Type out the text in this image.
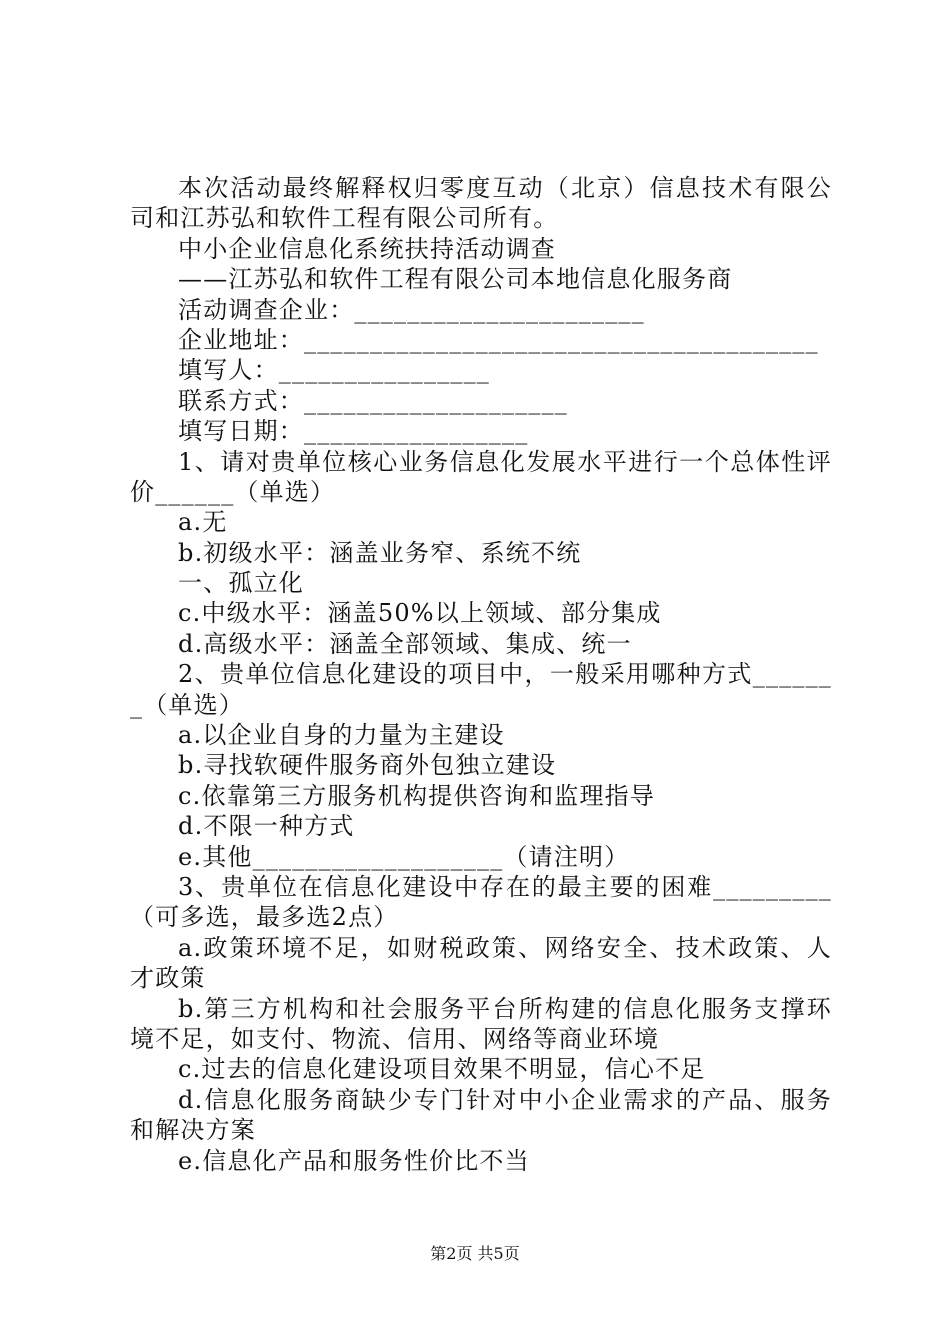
本次活动最终解释权归零度互动（北京）信息技术有限公
司和江苏弘和软件工程有限公司所有。
中小企业信息化系统扶持活动调查
——江苏弘和软件工程有限公司本地信息化服务商
活动调查企业：______________________
企业地址：_______________________________________
填写人：________________
联系方式：____________________
填写日期：_________________
1、请对贵单位核心业务信息化发展水平进行一个总体性评
价______（单选）
a.无
b.初级水平：涵盖业务窄、系统不统
一、孤立化
c.中级水平：涵盖50%以上领域、部分集成
d.高级水平：涵盖全部领域、集成、统一
2、贵单位信息化建设的项目中，一般采用哪种方式______
_（单选）
a.以企业自身的力量为主建设
b.寻找软硬件服务商外包独立建设
c.依靠第三方服务机构提供咨询和监理指导
d.不限一种方式
e.其他___________________（请注明）
3、贵单位在信息化建设中存在的最主要的困难_________
（可多选，最多选2点）
a.政策环境不足，如财税政策、网络安全、技术政策、人
才政策
b.第三方机构和社会服务平台所构建的信息化服务支撑环
境不足，如支付、物流、信用、网络等商业环境
c.过去的信息化建设项目效果不明显，信心不足
d.信息化服务商缺少专门针对中小企业需求的产品、服务
和解决方案
e.信息化产品和服务性价比不当
第2页 共5页
